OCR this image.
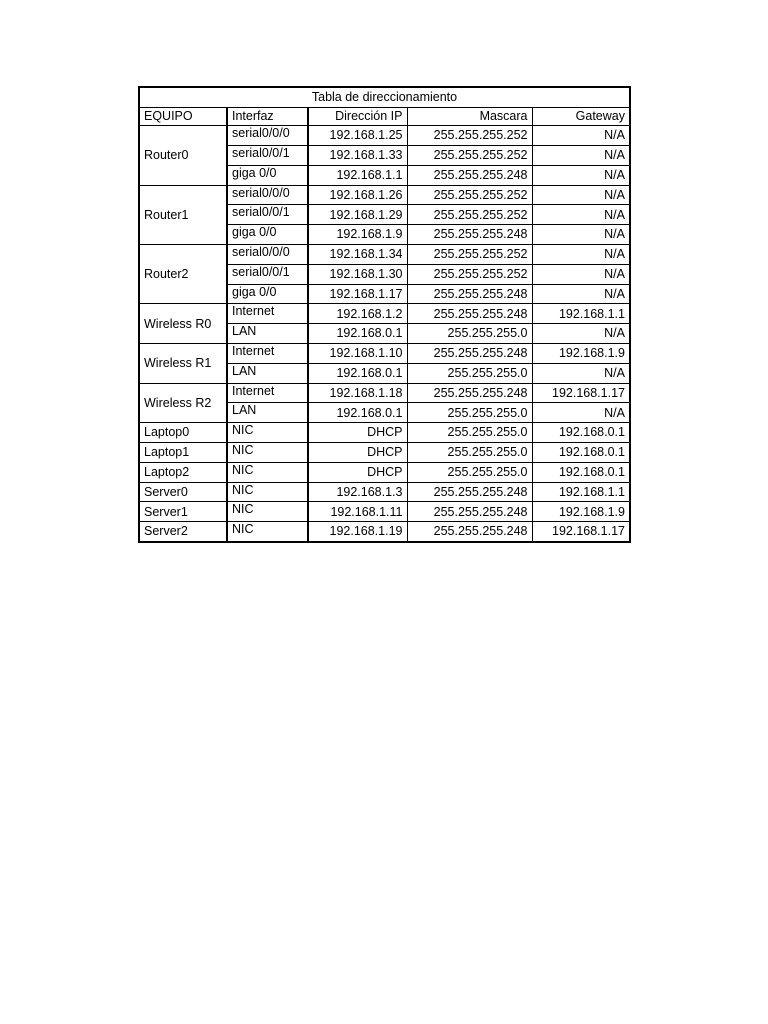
Tabla de direccionamiento				
EQUIPO	Interfaz	Dirección IP	Mascara	Gateway
Router0	serial0/0/0	192.168.1.25	255.255.255.252	N/A
	serial0/0/1	192.168.1.33	255.255.255.252	N/A
	giga 0/0	192.168.1.1	255.255.255.248	N/A
Router1	serial0/0/0	192.168.1.26	255.255.255.252	N/A
	serial0/0/1	192.168.1.29	255.255.255.252	N/A
	giga 0/0	192.168.1.9	255.255.255.248	N/A
Router2	serial0/0/0	192.168.1.34	255.255.255.252	N/A
	serial0/0/1	192.168.1.30	255.255.255.252	N/A
	giga 0/0	192.168.1.17	255.255.255.248	N/A
Wireless R0	Internet	192.168.1.2	255.255.255.248	192.168.1.1
	LAN	192.168.0.1	255.255.255.0	N/A
Wireless R1	Internet	192.168.1.10	255.255.255.248	192.168.1.9
	LAN	192.168.0.1	255.255.255.0	N/A
Wireless R2	Internet	192.168.1.18	255.255.255.248	192.168.1.17
	LAN	192.168.0.1	255.255.255.0	N/A
Laptop0	NIC	DHCP	255.255.255.0	192.168.0.1
Laptop1	NIC	DHCP	255.255.255.0	192.168.0.1
Laptop2	NIC	DHCP	255.255.255.0	192.168.0.1
Server0	NIC	192.168.1.3	255.255.255.248	192.168.1.1
Server1	NIC	192.168.1.11	255.255.255.248	192.168.1.9
Server2	NIC	192.168.1.19	255.255.255.248	192.168.1.17
